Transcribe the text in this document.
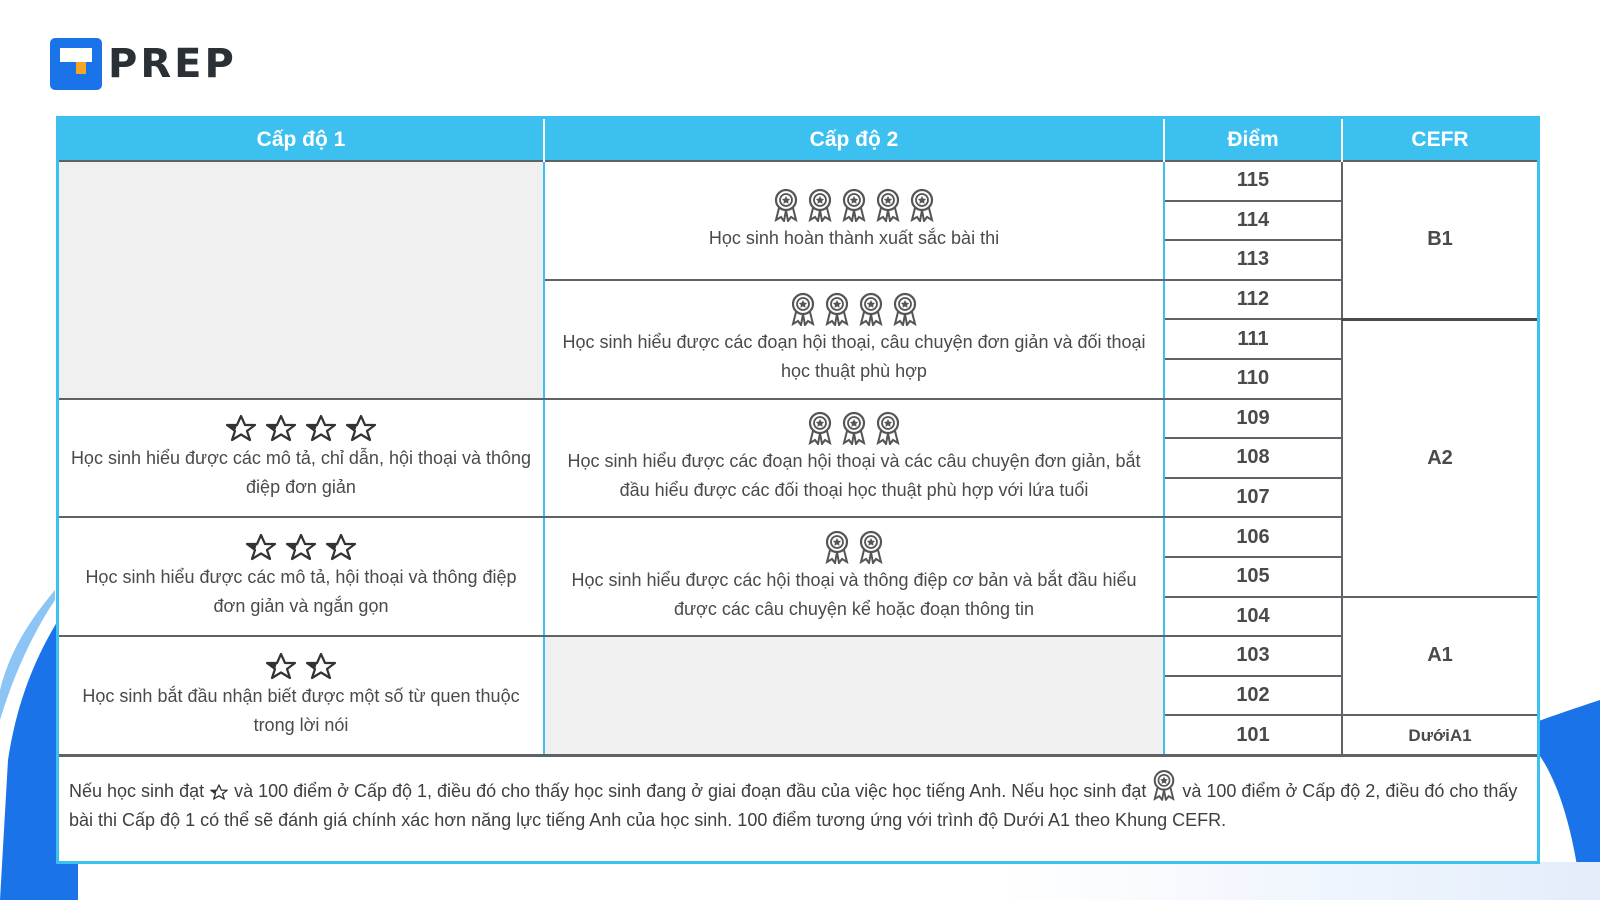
PREP
Cấp độ 1	Cấp độ 2	Điểm	CEFR

	Học sinh hoàn thành xuất sắc bài thi	115	B1
		114	
		113	

	Học sinh hiểu được các đoạn hội thoại, câu chuyện đơn giản và đối thoại học thuật phù hợp	112	
		111	A2
		110	

Học sinh hiểu được các mô tả, chỉ dẫn, hội thoại và thông điệp đơn giản	Học sinh hiểu được các đoạn hội thoại và các câu chuyện đơn giản, bắt đầu hiểu được các đối thoại học thuật phù hợp với lứa tuổi	109	
		108	
		107	

Học sinh hiểu được các mô tả, hội thoại và thông điệp đơn giản và ngắn gọn	Học sinh hiểu được các hội thoại và thông điệp cơ bản và bắt đầu hiểu được các câu chuyện kể hoặc đoạn thông tin	106	
		105	
		104	A1

Học sinh bắt đầu nhận biết được một số từ quen thuộc trong lời nói		103	
		102	
		101	DướiA1
Nếu học sinh đạt và 100 điểm ở Cấp độ 1, điều đó cho thấy học sinh đang ở giai đoạn đầu của việc học tiếng Anh. Nếu học sinh đạt và 100 điểm ở Cấp độ 2, điều đó cho thấy bài thi Cấp độ 1 có thể sẽ đánh giá chính xác hơn năng lực tiếng Anh của học sinh. 100 điểm tương ứng với trình độ Dưới A1 theo Khung CEFR.
